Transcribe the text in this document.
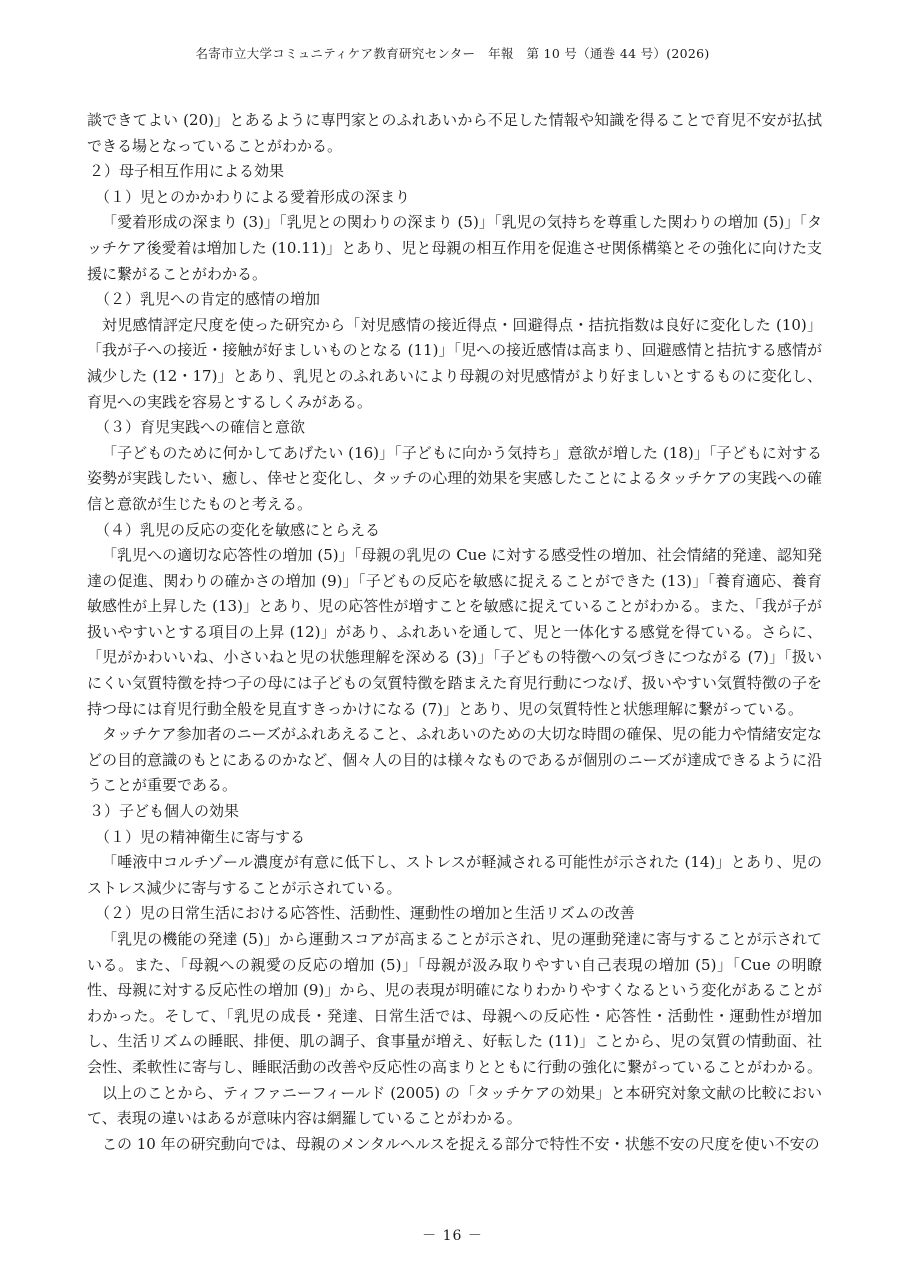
名寄市立大学コミュニティケア教育研究センター　年報　第 10 号（通巻 44 号）(2026)

談できてよい (20)」とあるように専門家とのふれあいから不足した情報や知識を得ることで育児不安が払拭できる場となっていることがわかる。

２）母子相互作用による効果

（１）児とのかかわりによる愛着形成の深まり

「愛着形成の深まり (3)」「乳児との関わりの深まり (5)」「乳児の気持ちを尊重した関わりの増加 (5)」「タッチケア後愛着は増加した (10.11)」とあり、児と母親の相互作用を促進させ関係構築とその強化に向けた支援に繋がることがわかる。

（２）乳児への肯定的感情の増加

対児感情評定尺度を使った研究から「対児感情の接近得点・回避得点・拮抗指数は良好に変化した (10)」「我が子への接近・接触が好ましいものとなる (11)」「児への接近感情は高まり、回避感情と拮抗する感情が減少した (12・17)」とあり、乳児とのふれあいにより母親の対児感情がより好ましいとするものに変化し、育児への実践を容易とするしくみがある。

（３）育児実践への確信と意欲

「子どものために何かしてあげたい (16)」「子どもに向かう気持ち」意欲が増した (18)」「子どもに対する姿勢が実践したい、癒し、倖せと変化し、タッチの心理的効果を実感したことによるタッチケアの実践への確信と意欲が生じたものと考える。

（４）乳児の反応の変化を敏感にとらえる

「乳児への適切な応答性の増加 (5)」「母親の乳児の Cue に対する感受性の増加、社会情緒的発達、認知発達の促進、関わりの確かさの増加 (9)」「子どもの反応を敏感に捉えることができた (13)」「養育適応、養育敏感性が上昇した (13)」とあり、児の応答性が増すことを敏感に捉えていることがわかる。また、「我が子が扱いやすいとする項目の上昇 (12)」があり、ふれあいを通して、児と一体化する感覚を得ている。さらに、「児がかわいいね、小さいねと児の状態理解を深める (3)」「子どもの特徴への気づきにつながる (7)」「扱いにくい気質特徴を持つ子の母には子どもの気質特徴を踏まえた育児行動につなげ、扱いやすい気質特徴の子を持つ母には育児行動全般を見直すきっかけになる (7)」とあり、児の気質特性と状態理解に繋がっている。

タッチケア参加者のニーズがふれあえること、ふれあいのための大切な時間の確保、児の能力や情緒安定などの目的意識のもとにあるのかなど、個々人の目的は様々なものであるが個別のニーズが達成できるように沿うことが重要である。

３）子ども個人の効果

（１）児の精神衛生に寄与する

「唾液中コルチゾール濃度が有意に低下し、ストレスが軽減される可能性が示された (14)」とあり、児のストレス減少に寄与することが示されている。

（２）児の日常生活における応答性、活動性、運動性の増加と生活リズムの改善

「乳児の機能の発達 (5)」から運動スコアが高まることが示され、児の運動発達に寄与することが示されている。また、「母親への親愛の反応の増加 (5)」「母親が汲み取りやすい自己表現の増加 (5)」「Cue の明瞭性、母親に対する反応性の増加 (9)」から、児の表現が明確になりわかりやすくなるという変化があることがわかった。そして、「乳児の成長・発達、日常生活では、母親への反応性・応答性・活動性・運動性が増加し、生活リズムの睡眠、排便、肌の調子、食事量が増え、好転した (11)」ことから、児の気質の情動面、社会性、柔軟性に寄与し、睡眠活動の改善や反応性の高まりとともに行動の強化に繋がっていることがわかる。

以上のことから、ティファニーフィールド (2005) の「タッチケアの効果」と本研究対象文献の比較において、表現の違いはあるが意味内容は網羅していることがわかる。

この 10 年の研究動向では、母親のメンタルヘルスを捉える部分で特性不安・状態不安の尺度を使い不安の

－ 16 －
